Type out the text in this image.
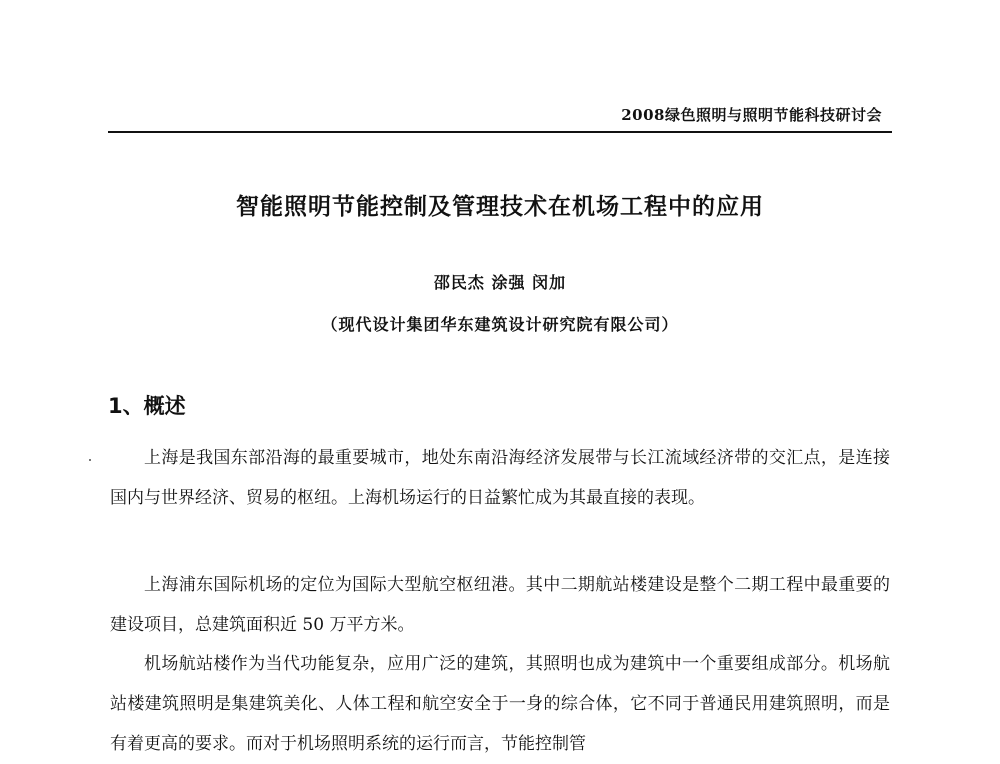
2008绿色照明与照明节能科技研讨会
智能照明节能控制及管理技术在机场工程中的应用
邵民杰 涂强 闵加
（现代设计集团华东建筑设计研究院有限公司）
1、概述

上海是我国东部沿海的最重要城市，地处东南沿海经济发展带与长江流域经济带的交汇点，是连接国内与世界经济、贸易的枢纽。上海机场运行的日益繁忙成为其最直接的表现。

上海浦东国际机场的定位为国际大型航空枢纽港。其中二期航站楼建设是整个二期工程中最重要的建设项目，总建筑面积近 50 万平方米。

机场航站楼作为当代功能复杂，应用广泛的建筑，其照明也成为建筑中一个重要组成部分。机场航站楼建筑照明是集建筑美化、人体工程和航空安全于一身的综合体，它不同于普通民用建筑照明，而是有着更高的要求。而对于机场照明系统的运行而言，节能控制管
